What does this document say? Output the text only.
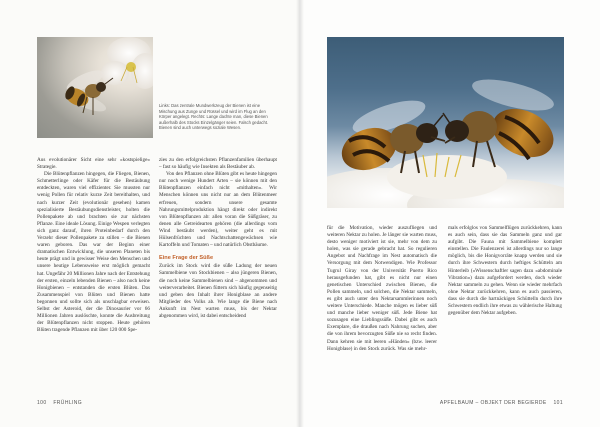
Links: Das zentrale Mundwerkzeug der Bienen ist eine Mischung aus Zunge und Rüssel und wird im Flug an den Körper angelegt. Rechts: Lange dachte man, diese Bienen außerhalb des Stocks Einzelgänger seien. Falsch gedacht. Bienen sind auch unterwegs soziale Wesen.

Aus evolutionärer Sicht eine sehr «kostspielige» Strategie.

Die Blütenpflanzen hingegen, die Fliegen, Bienen, Schmetterlinge oder Käfer für die Bestäubung entdeckten, waren viel effizienter. Sie mussten nur wenig Pollen für relativ kurze Zeit bereithalten, und nach kurzer Zeit (evolutionär gesehen) kamen spezialisierte Bestäubungsdienstleister, holten die Pollenpakete ab und brachten sie zur nächsten Pflanze. Eine ideale Lösung. Einige Wespen verlegten sich ganz darauf, ihren Proteinbedarf durch den Verzehr dieser Pollenpakete zu stillen – die Bienen waren geboren. Das war der Beginn einer dramatischen Entwicklung, die unseren Planeten bis heute prägt und in gewisser Weise den Menschen und unsere heutige Lebensweise erst möglich gemacht hat. Ungefähr 20 Millionen Jahre nach der Entstehung der ersten, einzeln lebenden Bienen – also noch keine Honigbienen – entstanden die ersten Blüten. Das Zusammenspiel von Blüten und Bienen hatte begonnen und sollte sich als unschlagbar erweisen. Selbst der Asteroid, der die Dinosaurier vor 66 Millionen Jahren auslöschte, konnte die Ausbreitung der Blütenpflanzen nicht stoppen. Heute gehören Blüten tragende Pflanzen mit über 120 000 Spe-

zies zu den erfolgreichsten Pflanzenfamilien überhaupt – fast so häufig wie Insekten als Bestäuber ab.

Von den Pflanzen ohne Blüten gibt es heute hingegen nur noch wenige Hundert Arten – sie können mit den Blütenpflanzen einfach nicht «mithalten». Wir Menschen können uns nicht nur an dem Blütenmeer erfreuen, sondern unsere gesamte Nahrungsmittelproduktion hängt direkt oder indirekt von Blütenpflanzen ab: allen voran die Süßgräser, zu denen alle Getreidearten gehören (die allerdings vom Wind bestäubt werden), weiter geht es mit Hülsenfrüchten und Nachtschattengewächsen wie Kartoffeln und Tomaten – und natürlich Obstbäume.

Eine Frage der Süße

Zurück im Stock wird die süße Ladung der neuen Sammelbiene von Stockbienen – also jüngeren Bienen, die noch keine Sammelbienen sind – abgenommen und weiterverarbeitet. Bienen füttern sich häufig gegenseitig und geben den Inhalt ihrer Honigblase an andere Mitglieder des Volks ab. Wie lange die Biene nach Ankunft im Nest warten muss, bis der Nektar abgenommen wird, ist dabei entscheidend

für die Motivation, wieder auszufliegen und weiteren Nektar zu holen. Je länger sie warten muss, desto weniger motiviert ist sie, mehr von dem zu holen, was sie gerade gebracht hat. So regulieren Angebot und Nachfrage im Nest automatisch die Versorgung mit dem Notwendigen. Wie Professor Tugrul Giray von der Universität Puerto Rico herausgefunden hat, gibt es nicht nur einen genetischen Unterschied zwischen Bienen, die Pollen sammeln, und solchen, die Nektar sammeln, es gibt auch unter den Nektarsammlerinnen noch weitere Unterschiede. Manche mögen es lieber süß und manche lieber weniger süß. Jede Biene hat sozusagen eine Lieblingssüße. Dabei gibt es auch Exemplare, die draußen nach Nahrung suchen, aber die von ihrem bevorzugten Süße nie so recht finden. Dann kehren sie mit leeren «Händen» (bzw. leerer Honigblase) in den Stock zurück. Was sie mehr-

mals erfolglos von Sammelflügen zurückkehren, kann es auch sein, dass sie das Sammeln ganz und gar aufgibt. Die Fauna mit Sammelbiene komplett einstellen. Die Faulenzerei ist allerdings nur so lange möglich, bis die Honigvorräte knapp werden und sie durch ihre Schwestern durch heftiges Schütteln am Hinterleib («Wissenschaftler sagen dazu «abdominale Vibration») dazu aufgefordert werden, doch wieder Nektar sammeln zu gehen. Wenn sie wieder mehrfach ohne Nektar zurückkehren, kann es auch passieren, dass sie durch die hartnäckigen Schüttelln durch ihre Schwestern endlich ihre etwas zu wählerische Haltung gegenüber dem Nektar aufgeben.

100 FRÜHLING	APFELBAUM – OBJEKT DER BEGIERDE 101
